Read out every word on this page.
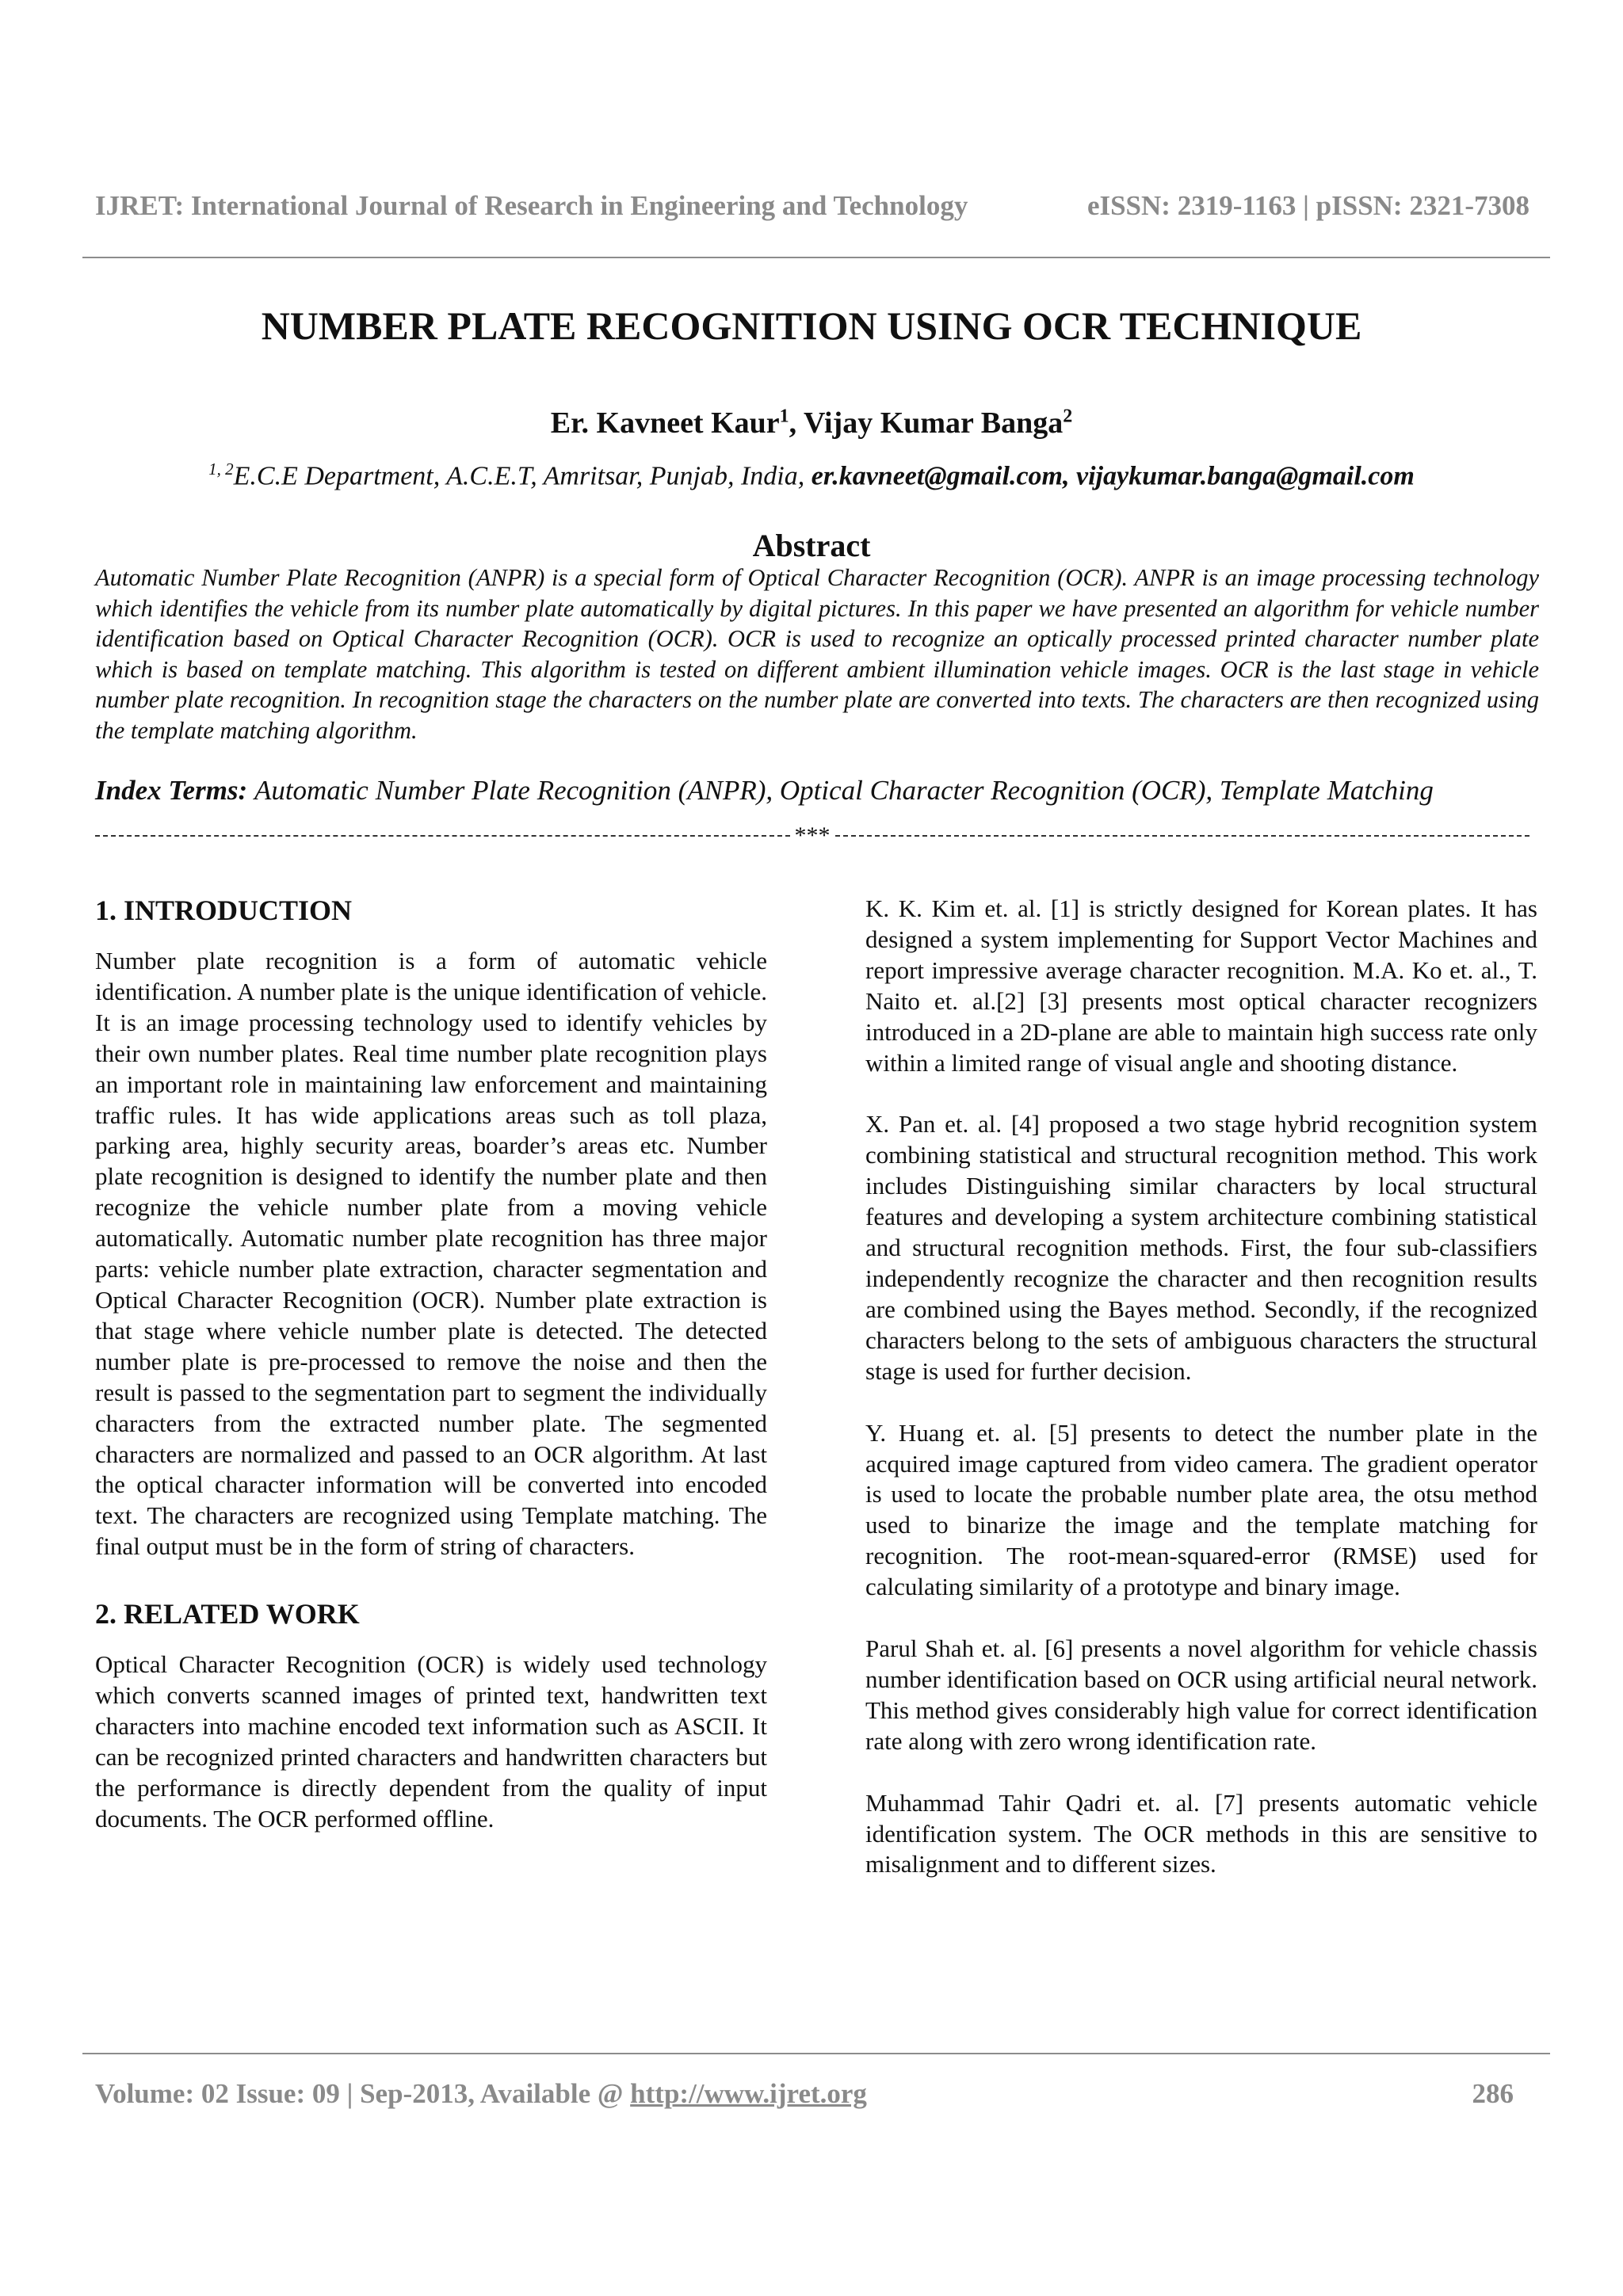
IJRET: International Journal of Research in Engineering and Technology	eISSN: 2319-1163 | pISSN: 2321-7308
NUMBER PLATE RECOGNITION USING OCR TECHNIQUE
Er. Kavneet Kaur$^1$, Vijay Kumar Banga$^2$
$^{1, 2}$E.C.E Department, A.C.E.T, Amritsar, Punjab, India, er.kavneet@gmail.com, vijaykumar.banga@gmail.com
Abstract

Automatic Number Plate Recognition (ANPR) is a special form of Optical Character Recognition (OCR). ANPR is an image processing technology which identifies the vehicle from its number plate automatically by digital pictures. In this paper we have presented an algorithm for vehicle number identification based on Optical Character Recognition (OCR). OCR is used to recognize an optically processed printed character number plate which is based on template matching. This algorithm is tested on different ambient illumination vehicle images. OCR is the last stage in vehicle number plate recognition. In recognition stage the characters on the number plate are converted into texts. The characters are then recognized using the template matching algorithm.

Index Terms: Automatic Number Plate Recognition (ANPR), Optical Character Recognition (OCR), Template Matching
***
1. INTRODUCTION

Number plate recognition is a form of automatic vehicle identification. A number plate is the unique identification of vehicle. It is an image processing technology used to identify vehicles by their own number plates. Real time number plate recognition plays an important role in maintaining law enforcement and maintaining traffic rules. It has wide applications areas such as toll plaza, parking area, highly security areas, boarder’s areas etc. Number plate recognition is designed to identify the number plate and then recognize the vehicle number plate from a moving vehicle automatically. Automatic number plate recognition has three major parts: vehicle number plate extraction, character segmentation and Optical Character Recognition (OCR). Number plate extraction is that stage where vehicle number plate is detected. The detected number plate is pre-processed to remove the noise and then the result is passed to the segmentation part to segment the individually characters from the extracted number plate. The segmented characters are normalized and passed to an OCR algorithm. At last the optical character information will be converted into encoded text. The characters are recognized using Template matching. The final output must be in the form of string of characters.

2. RELATED WORK

Optical Character Recognition (OCR) is widely used technology which converts scanned images of printed text, handwritten text characters into machine encoded text information such as ASCII. It can be recognized printed characters and handwritten characters but the performance is directly dependent from the quality of input documents. The OCR performed offline.

K. K. Kim et. al. [1] is strictly designed for Korean plates. It has designed a system implementing for Support Vector Machines and report impressive average character recognition. M.A. Ko et. al., T. Naito et. al.[2] [3] presents most optical character recognizers introduced in a 2D-plane are able to maintain high success rate only within a limited range of visual angle and shooting distance.

X. Pan et. al. [4] proposed a two stage hybrid recognition system combining statistical and structural recognition method. This work includes Distinguishing similar characters by local structural features and developing a system architecture combining statistical and structural recognition methods. First, the four sub-classifiers independently recognize the character and then recognition results are combined using the Bayes method. Secondly, if the recognized characters belong to the sets of ambiguous characters the structural stage is used for further decision.

Y. Huang et. al. [5] presents to detect the number plate in the acquired image captured from video camera. The gradient operator is used to locate the probable number plate area, the otsu method used to binarize the image and the template matching for recognition. The root-mean-squared-error (RMSE) used for calculating similarity of a prototype and binary image.

Parul Shah et. al. [6] presents a novel algorithm for vehicle chassis number identification based on OCR using artificial neural network. This method gives considerably high value for correct identification rate along with zero wrong identification rate.

Muhammad Tahir Qadri et. al. [7] presents automatic vehicle identification system. The OCR methods in this are sensitive to misalignment and to different sizes.

Volume: 02 Issue: 09 | Sep-2013, Available @ http://www.ijret.org	286
